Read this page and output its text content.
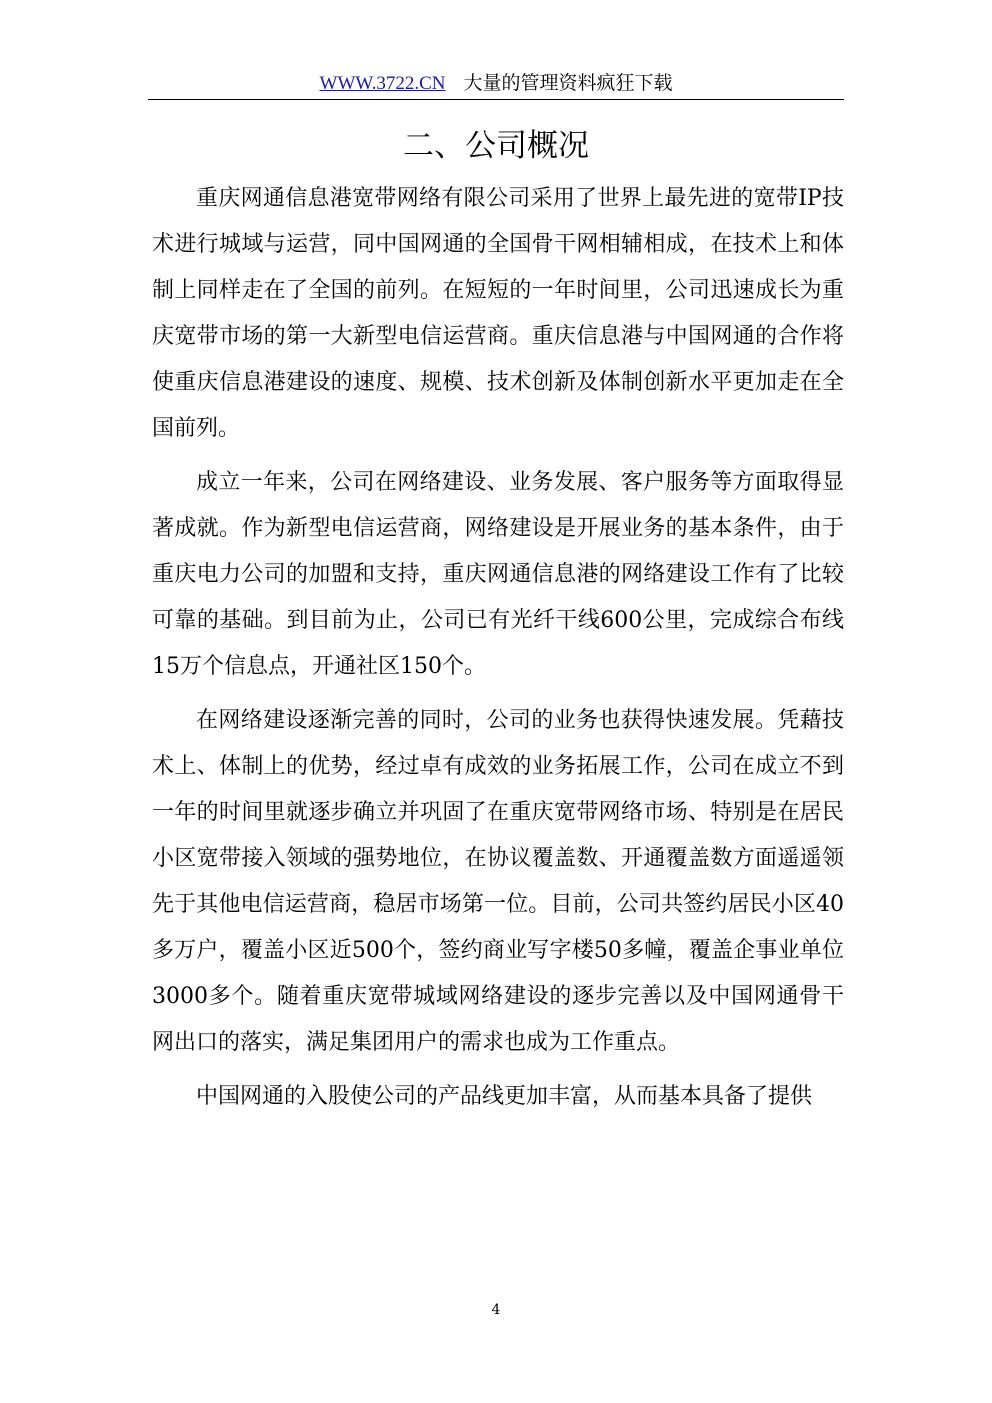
WWW.3722.CN 大量的管理资料疯狂下载
二、公司概况

重庆网通信息港宽带网络有限公司采用了世界上最先进的宽带IP技术进行城域与运营，同中国网通的全国骨干网相辅相成，在技术上和体制上同样走在了全国的前列。在短短的一年时间里，公司迅速成长为重庆宽带市场的第一大新型电信运营商。重庆信息港与中国网通的合作将使重庆信息港建设的速度、规模、技术创新及体制创新水平更加走在全国前列。

成立一年来，公司在网络建设、业务发展、客户服务等方面取得显著成就。作为新型电信运营商，网络建设是开展业务的基本条件，由于重庆电力公司的加盟和支持，重庆网通信息港的网络建设工作有了比较可靠的基础。到目前为止，公司已有光纤干线600公里，完成综合布线15万个信息点，开通社区150个。

在网络建设逐渐完善的同时，公司的业务也获得快速发展。凭藉技术上、体制上的优势，经过卓有成效的业务拓展工作，公司在成立不到一年的时间里就逐步确立并巩固了在重庆宽带网络市场、特别是在居民小区宽带接入领域的强势地位，在协议覆盖数、开通覆盖数方面遥遥领先于其他电信运营商，稳居市场第一位。目前，公司共签约居民小区40多万户，覆盖小区近500个，签约商业写字楼50多幢，覆盖企事业单位3000多个。随着重庆宽带城域网络建设的逐步完善以及中国网通骨干网出口的落实，满足集团用户的需求也成为工作重点。

中国网通的入股使公司的产品线更加丰富，从而基本具备了提供

4
